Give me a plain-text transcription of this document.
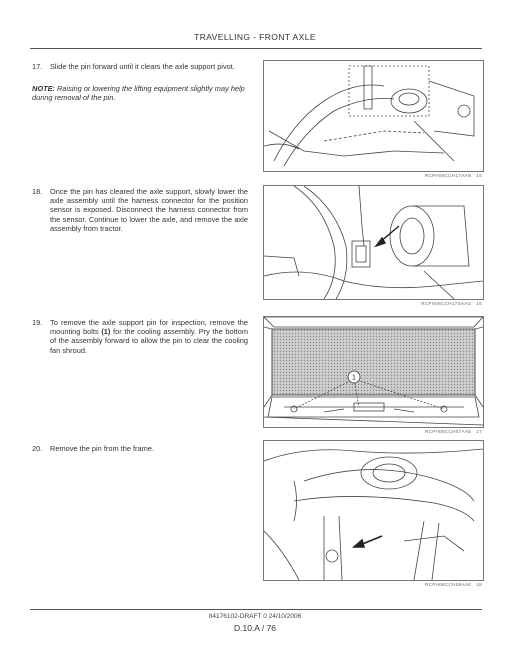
TRAVELLING - FRONT AXLE
17.	Slide the pin forward until it clears the axle support pivot.
NOTE: Raising or lowering the lifting equipment slightly may help during removal of the pin.
RCPH06CCH17AAN 15
18.	Once the pin has cleared the axle support, slowly lower the axle assembly until the harness connector for the position sensor is exposed. Disconnect the harness connector from the sensor. Continue to lower the axle, and remove the axle assembly from tractor.
RCPH06CCH17SAAG 16
19.	To remove the axle support pin for inspection, remove the mounting bolts (1) for the cooling assembly. Pry the bottom of the assembly forward to allow the pin to clear the cooling fan shroud.
1
RCPH06CCH07AAE 17
20.	Remove the pin from the frame.
RCPH06CCH06AAE 18
84176102-DRAFT 0 24/10/2006
D.10.A / 76
